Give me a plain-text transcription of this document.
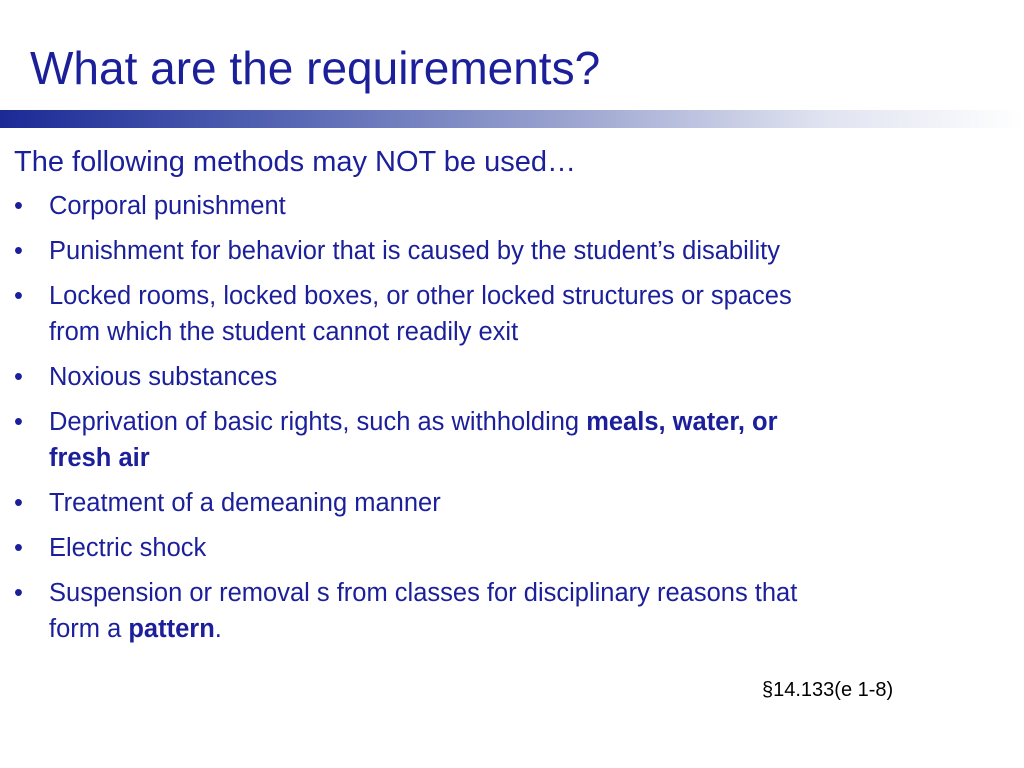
What are the requirements?

The following methods may NOT be used…

•	Corporal punishment
•	Punishment for behavior that is caused by the student’s disability
•	Locked rooms, locked boxes, or other locked structures or spaces
from which the student cannot readily exit
•	Noxious substances
•	Deprivation of basic rights, such as withholding meals, water, or
fresh air
•	Treatment of a demeaning manner
•	Electric shock
•	Suspension or removal s from classes for disciplinary reasons that
form a pattern.
§14.133(e 1-8)
